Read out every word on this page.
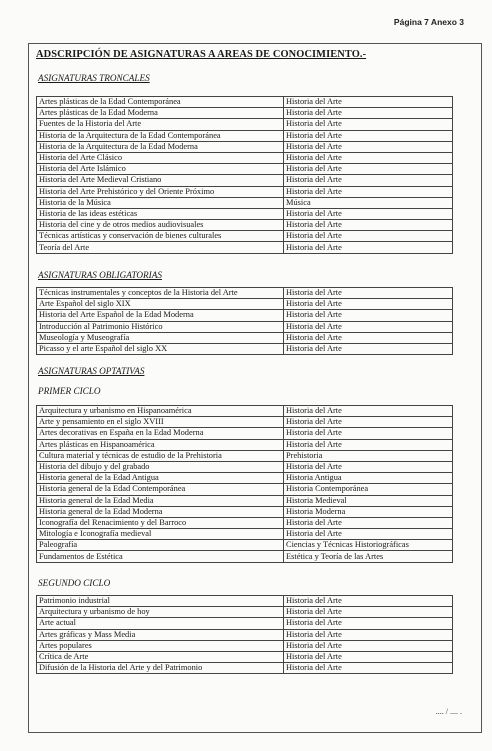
Página 7 Anexo 3
ADSCRIPCIÓN DE ASIGNATURAS A AREAS DE CONOCIMIENTO.-
ASIGNATURAS TRONCALES
Artes plásticas de la Edad Contemporánea	Historia del Arte
Artes plásticas de la Edad Moderna	Historia del Arte
Fuentes de la Historia del Arte	Historia del Arte
Historia de la Arquitectura de la Edad Contemporánea	Historia del Arte
Historia de la Arquitectura de la Edad Moderna	Historia del Arte
Historia del Arte Clásico	Historia del Arte
Historia del Arte Islámico	Historia del Arte
Historia del Arte Medieval Cristiano	Historia del Arte
Historia del Arte Prehistórico y del Oriente Próximo	Historia del Arte
Historia de la Música	Música
Historia de las ideas estéticas	Historia del Arte
Historia del cine y de otros medios audiovisuales	Historia del Arte
Técnicas artísticas y conservación de bienes culturales	Historia del Arte
Teoría del Arte	Historia del Arte
ASIGNATURAS OBLIGATORIAS
Técnicas instrumentales y conceptos de la Historia del Arte	Historia del Arte
Arte Español del siglo XIX	Historia del Arte
Historia del Arte Español de la Edad Moderna	Historia del Arte
Introducción al Patrimonio Histórico	Historia del Arte
Museología y Museografía	Historia del Arte
Picasso y el arte Español del siglo XX	Historia del Arte
ASIGNATURAS OPTATIVAS
PRIMER CICLO
Arquitectura y urbanismo en Hispanoamérica	Historia del Arte
Arte y pensamiento en el siglo XVIII	Historia del Arte
Artes decorativas en España en la Edad Moderna	Historia del Arte
Artes plásticas en Hispanoamérica	Historia del Arte
Cultura material y técnicas de estudio de la Prehistoria	Prehistoria
Historia del dibujo y del grabado	Historia del Arte
Historia general de la Edad Antigua	Historia Antigua
Historia general de la Edad Contemporánea	Historia Contemporánea
Historia general de la Edad Media	Historia Medieval
Historia general de la Edad Moderna	Historia Moderna
Iconografía del Renacimiento y del Barroco	Historia del Arte
Mitología e Iconografía medieval	Historia del Arte
Paleografía	Ciencias y Técnicas Historiográficas
Fundamentos de Estética	Estética y Teoría de las Artes
SEGUNDO CICLO
Patrimonio industrial	Historia del Arte
Arquitectura y urbanismo de hoy	Historia del Arte
Arte actual	Historia del Arte
Artes gráficas y Mass Media	Historia del Arte
Artes populares	Historia del Arte
Crítica de Arte	Historia del Arte
Difusión de la Historia del Arte y del Patrimonio	Historia del Arte
.... / .... .
